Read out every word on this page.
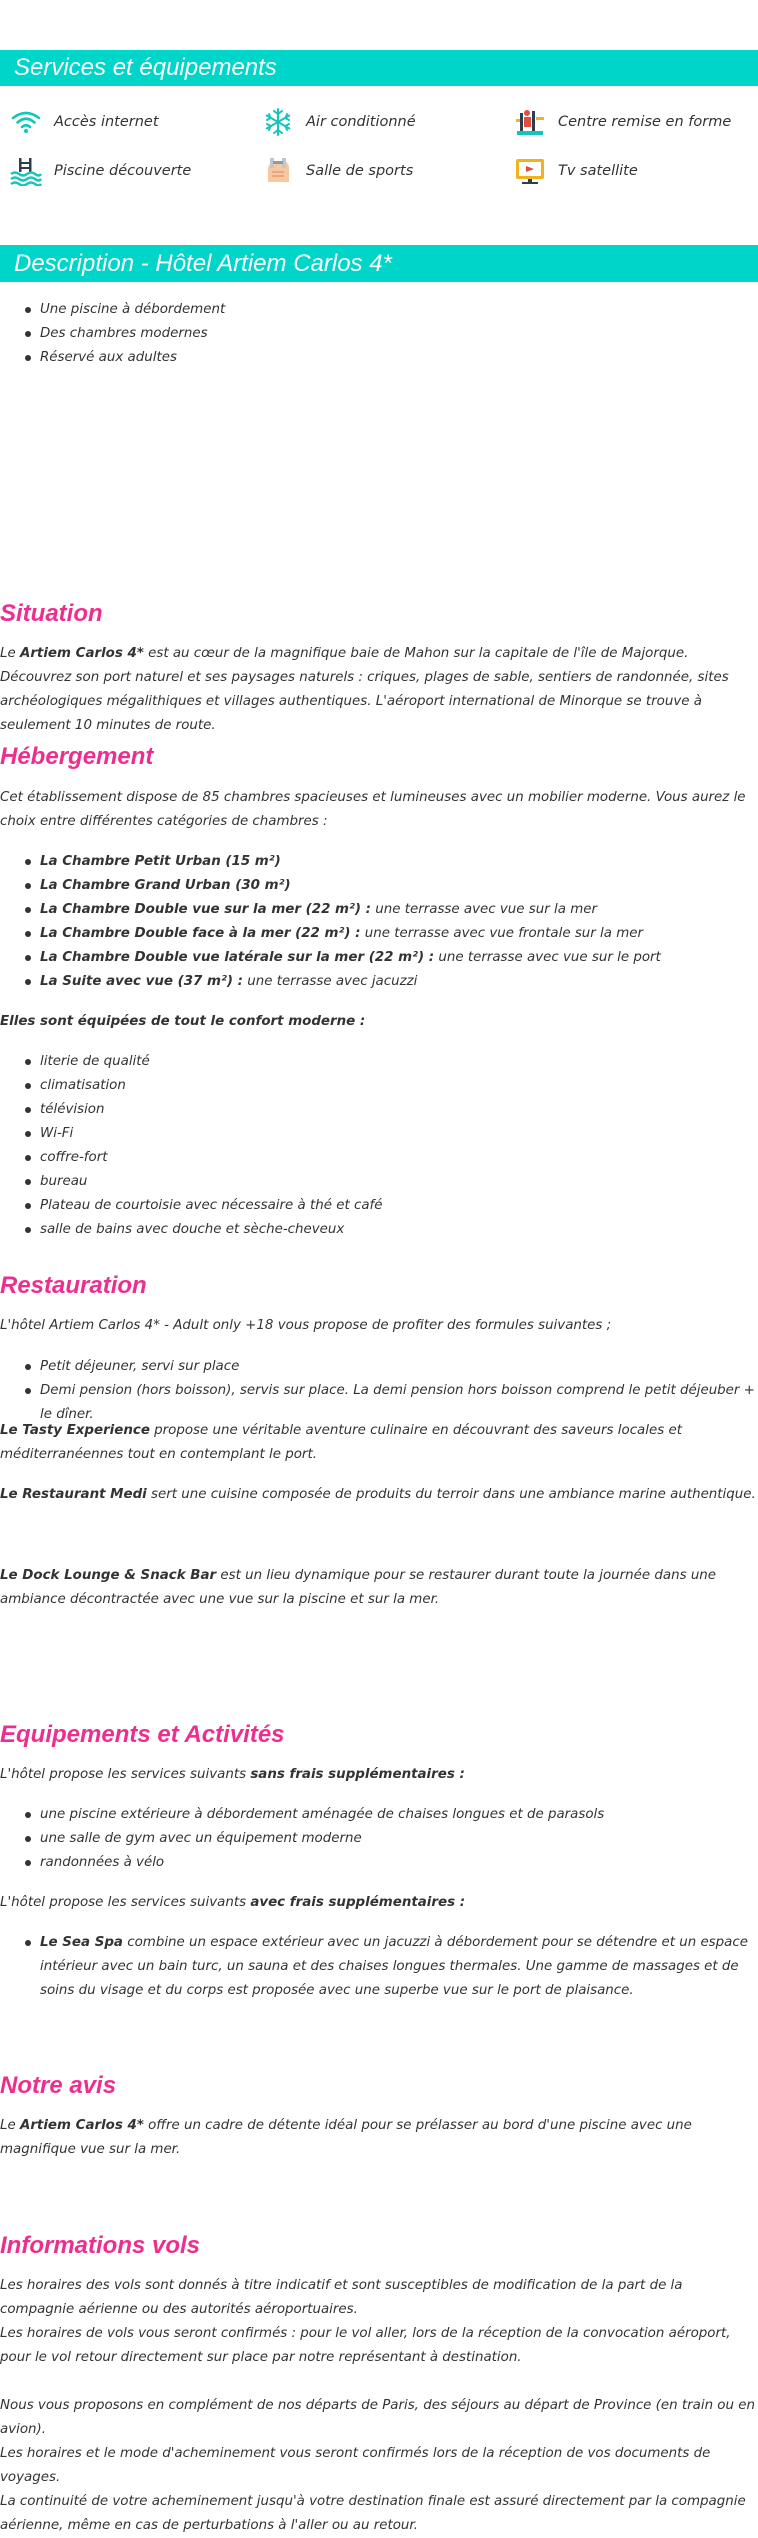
Services et équipements
Accès internet	Air conditionné	Centre remise en forme
Piscine découverte	Salle de sports	Tv satellite
Description - Hôtel Artiem Carlos 4*
Une piscine à débordement
Des chambres modernes
Réservé aux adultes
Situation

Le Artiem Carlos 4* est au cœur de la magnifique baie de Mahon sur la capitale de l'île de Majorque. Découvrez son port naturel et ses paysages naturels : criques, plages de sable, sentiers de randonnée, sites archéologiques mégalithiques et villages authentiques. L'aéroport international de Minorque se trouve à seulement 10 minutes de route.

Hébergement

Cet établissement dispose de 85 chambres spacieuses et lumineuses avec un mobilier moderne. Vous aurez le choix entre différentes catégories de chambres :

La Chambre Petit Urban (15 m²)
La Chambre Grand Urban (30 m²)
La Chambre Double vue sur la mer (22 m²) : une terrasse avec vue sur la mer
La Chambre Double face à la mer (22 m²) : une terrasse avec vue frontale sur la mer
La Chambre Double vue latérale sur la mer (22 m²) : une terrasse avec vue sur le port
La Suite avec vue (37 m²) : une terrasse avec jacuzzi

Elles sont équipées de tout le confort moderne :

literie de qualité
climatisation
télévision
Wi-Fi
coffre-fort
bureau
Plateau de courtoisie avec nécessaire à thé et café
salle de bains avec douche et sèche-cheveux
Restauration

L'hôtel Artiem Carlos 4* - Adult only +18 vous propose de profiter des formules suivantes ;

Petit déjeuner, servi sur place
Demi pension (hors boisson), servis sur place. La demi pension hors boisson comprend le petit déjeuber + le dîner.

Le Tasty Experience propose une véritable aventure culinaire en découvrant des saveurs locales et méditerranéennes tout en contemplant le port.

Le Restaurant Medi sert une cuisine composée de produits du terroir dans une ambiance marine authentique.

Le Dock Lounge & Snack Bar est un lieu dynamique pour se restaurer durant toute la journée dans une ambiance décontractée avec une vue sur la piscine et sur la mer.

Equipements et Activités

L'hôtel propose les services suivants sans frais supplémentaires :

une piscine extérieure à débordement aménagée de chaises longues et de parasols
une salle de gym avec un équipement moderne
randonnées à vélo

L'hôtel propose les services suivants avec frais supplémentaires :

Le Sea Spa combine un espace extérieur avec un jacuzzi à débordement pour se détendre et un espace intérieur avec un bain turc, un sauna et des chaises longues thermales. Une gamme de massages et de soins du visage et du corps est proposée avec une superbe vue sur le port de plaisance.
Notre avis

Le Artiem Carlos 4* offre un cadre de détente idéal pour se prélasser au bord d'une piscine avec une magnifique vue sur la mer.

Informations vols
Les horaires des vols sont donnés à titre indicatif et sont susceptibles de modification de la part de la compagnie aérienne ou des autorités aéroportuaires.
Les horaires de vols vous seront confirmés : pour le vol aller, lors de la réception de la convocation aéroport, pour le vol retour directement sur place par notre représentant à destination.
Nous vous proposons en complément de nos départs de Paris, des séjours au départ de Province (en train ou en avion).
Les horaires et le mode d'acheminement vous seront confirmés lors de la réception de vos documents de voyages.
La continuité de votre acheminement jusqu'à votre destination finale est assuré directement par la compagnie aérienne, même en cas de perturbations à l'aller ou au retour.
